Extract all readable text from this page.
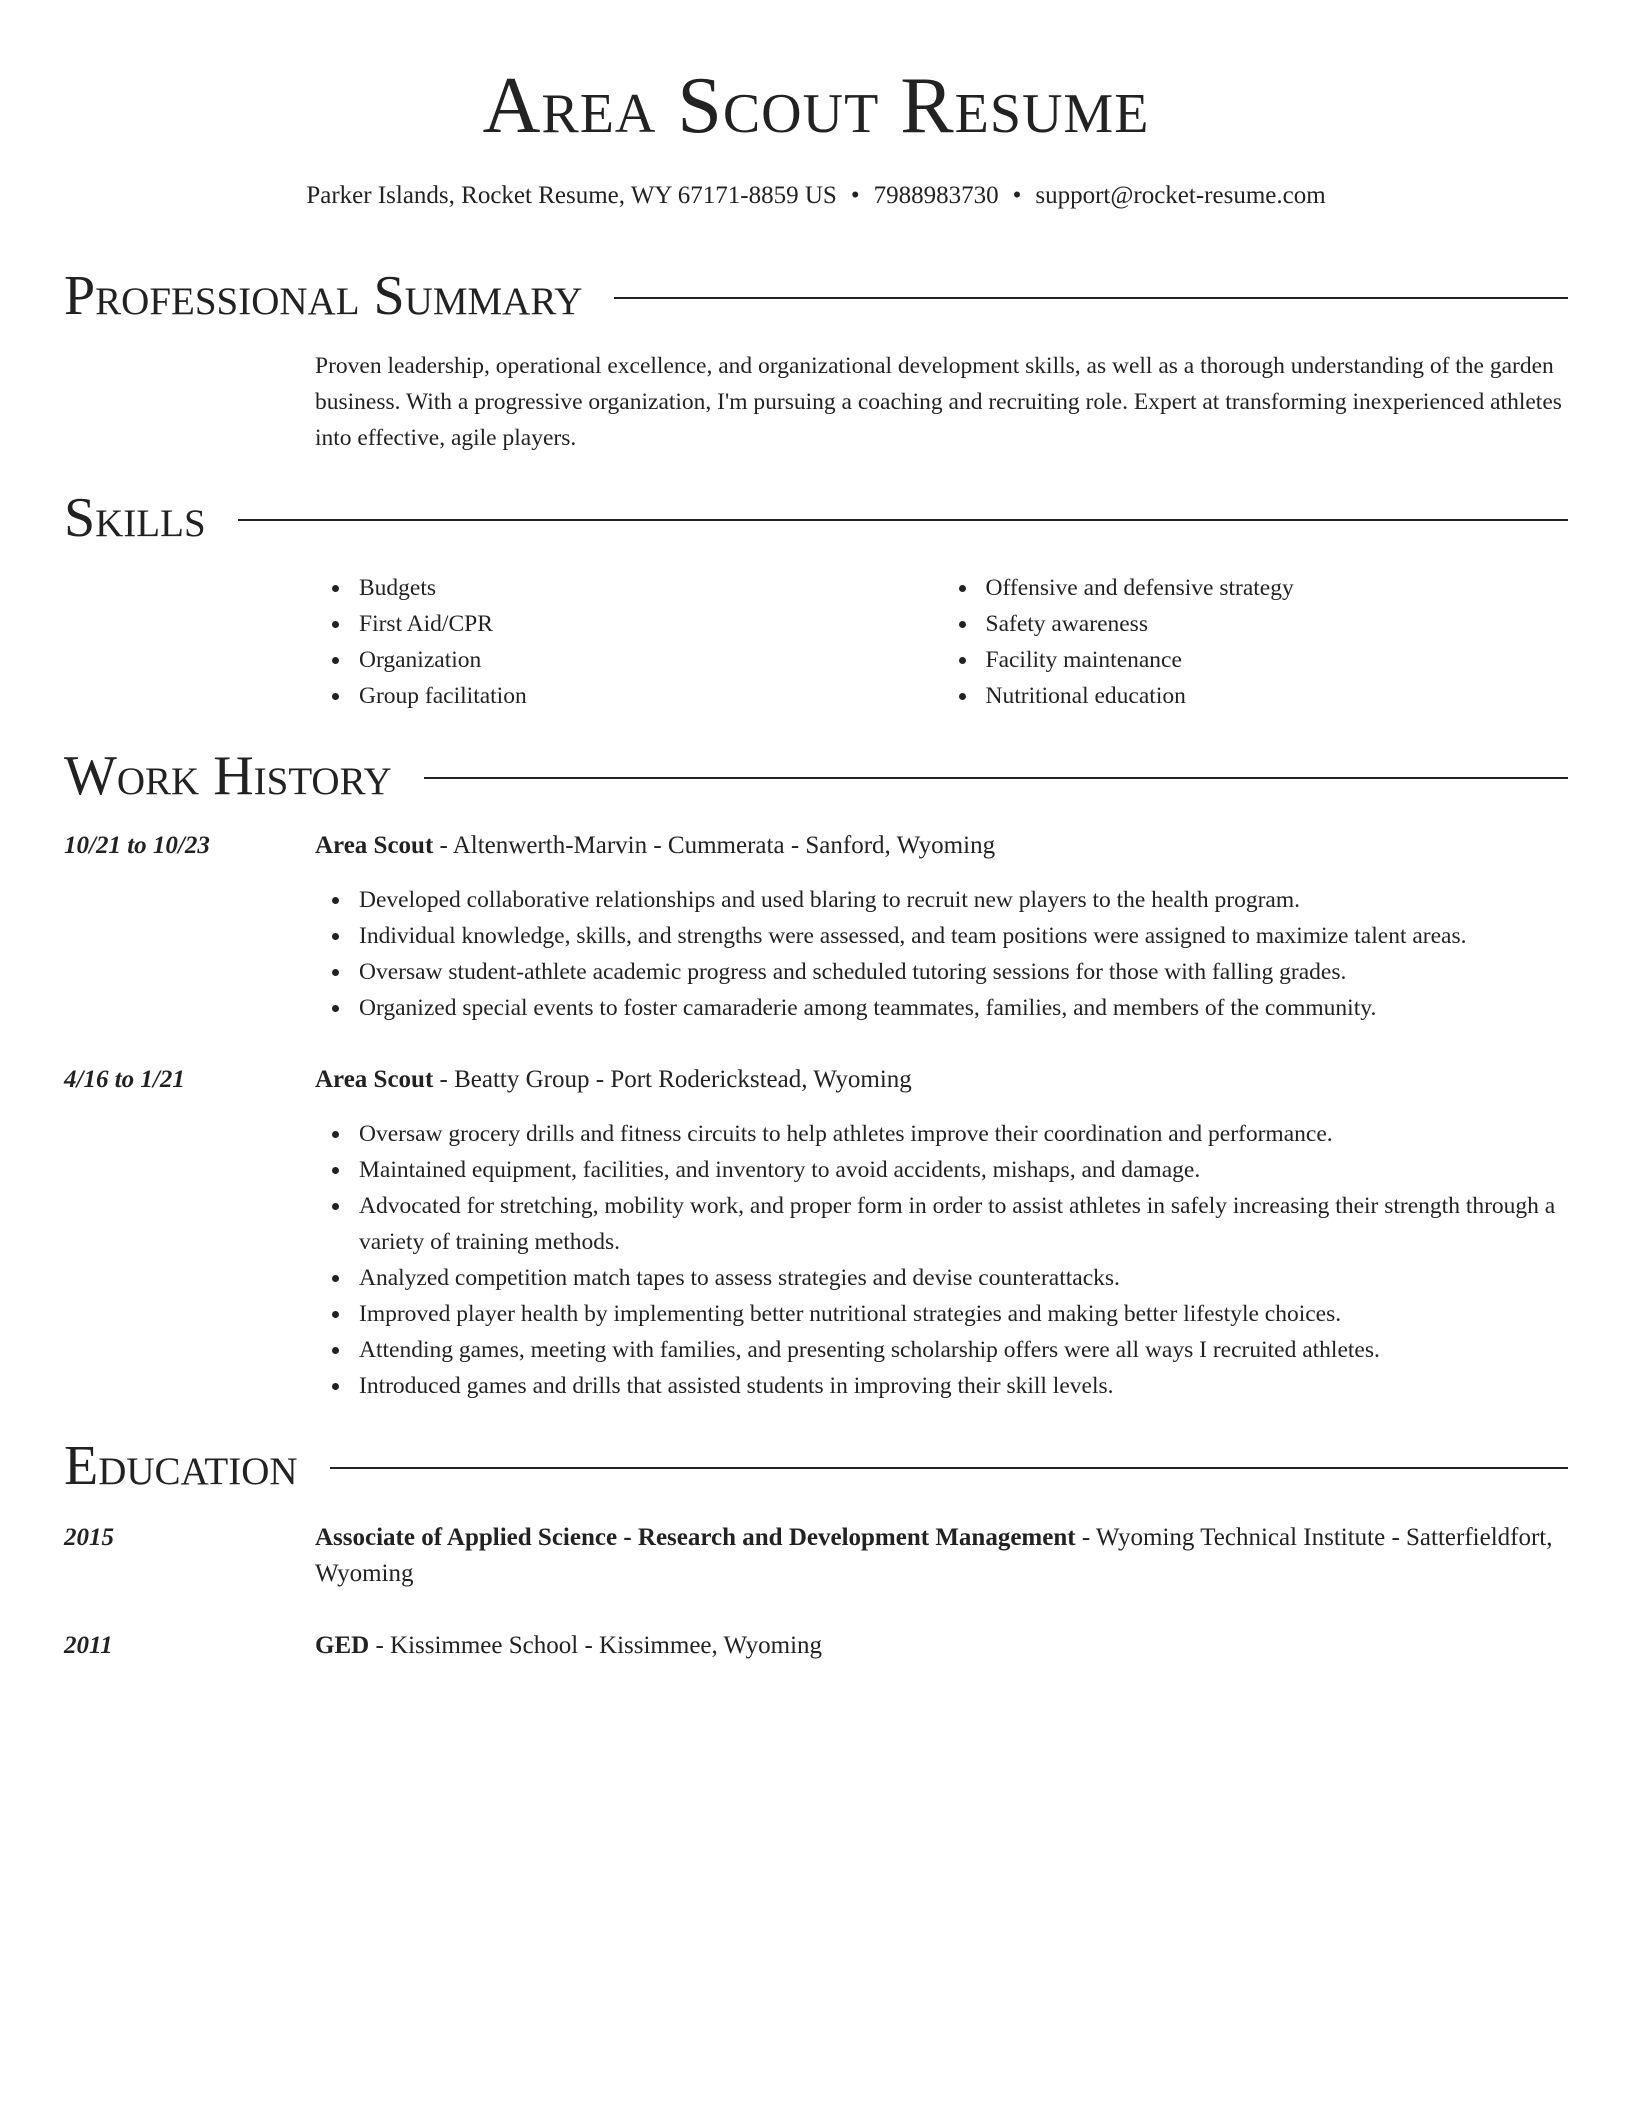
Area Scout Resume
Parker Islands, Rocket Resume, WY 67171-8859 US • 7988983730 • support@rocket-resume.com
Professional Summary
Proven leadership, operational excellence, and organizational development skills, as well as a thorough understanding of the garden business. With a progressive organization, I'm pursuing a coaching and recruiting role. Expert at transforming inexperienced athletes into effective, agile players.
Skills
Budgets
First Aid/CPR
Organization
Group facilitation
Offensive and defensive strategy
Safety awareness
Facility maintenance
Nutritional education
Work History
10/21 to 10/23	Area Scout - Altenwerth-Marvin - Cummerata - Sanford, Wyoming
Developed collaborative relationships and used blaring to recruit new players to the health program.
Individual knowledge, skills, and strengths were assessed, and team positions were assigned to maximize talent areas.
Oversaw student-athlete academic progress and scheduled tutoring sessions for those with falling grades.
Organized special events to foster camaraderie among teammates, families, and members of the community.
4/16 to 1/21	Area Scout - Beatty Group - Port Roderickstead, Wyoming
Oversaw grocery drills and fitness circuits to help athletes improve their coordination and performance.
Maintained equipment, facilities, and inventory to avoid accidents, mishaps, and damage.
Advocated for stretching, mobility work, and proper form in order to assist athletes in safely increasing their strength through a variety of training methods.
Analyzed competition match tapes to assess strategies and devise counterattacks.
Improved player health by implementing better nutritional strategies and making better lifestyle choices.
Attending games, meeting with families, and presenting scholarship offers were all ways I recruited athletes.
Introduced games and drills that assisted students in improving their skill levels.
Education
2015	Associate of Applied Science - Research and Development Management - Wyoming Technical Institute - Satterfieldfort, Wyoming
2011	GED - Kissimmee School - Kissimmee, Wyoming
